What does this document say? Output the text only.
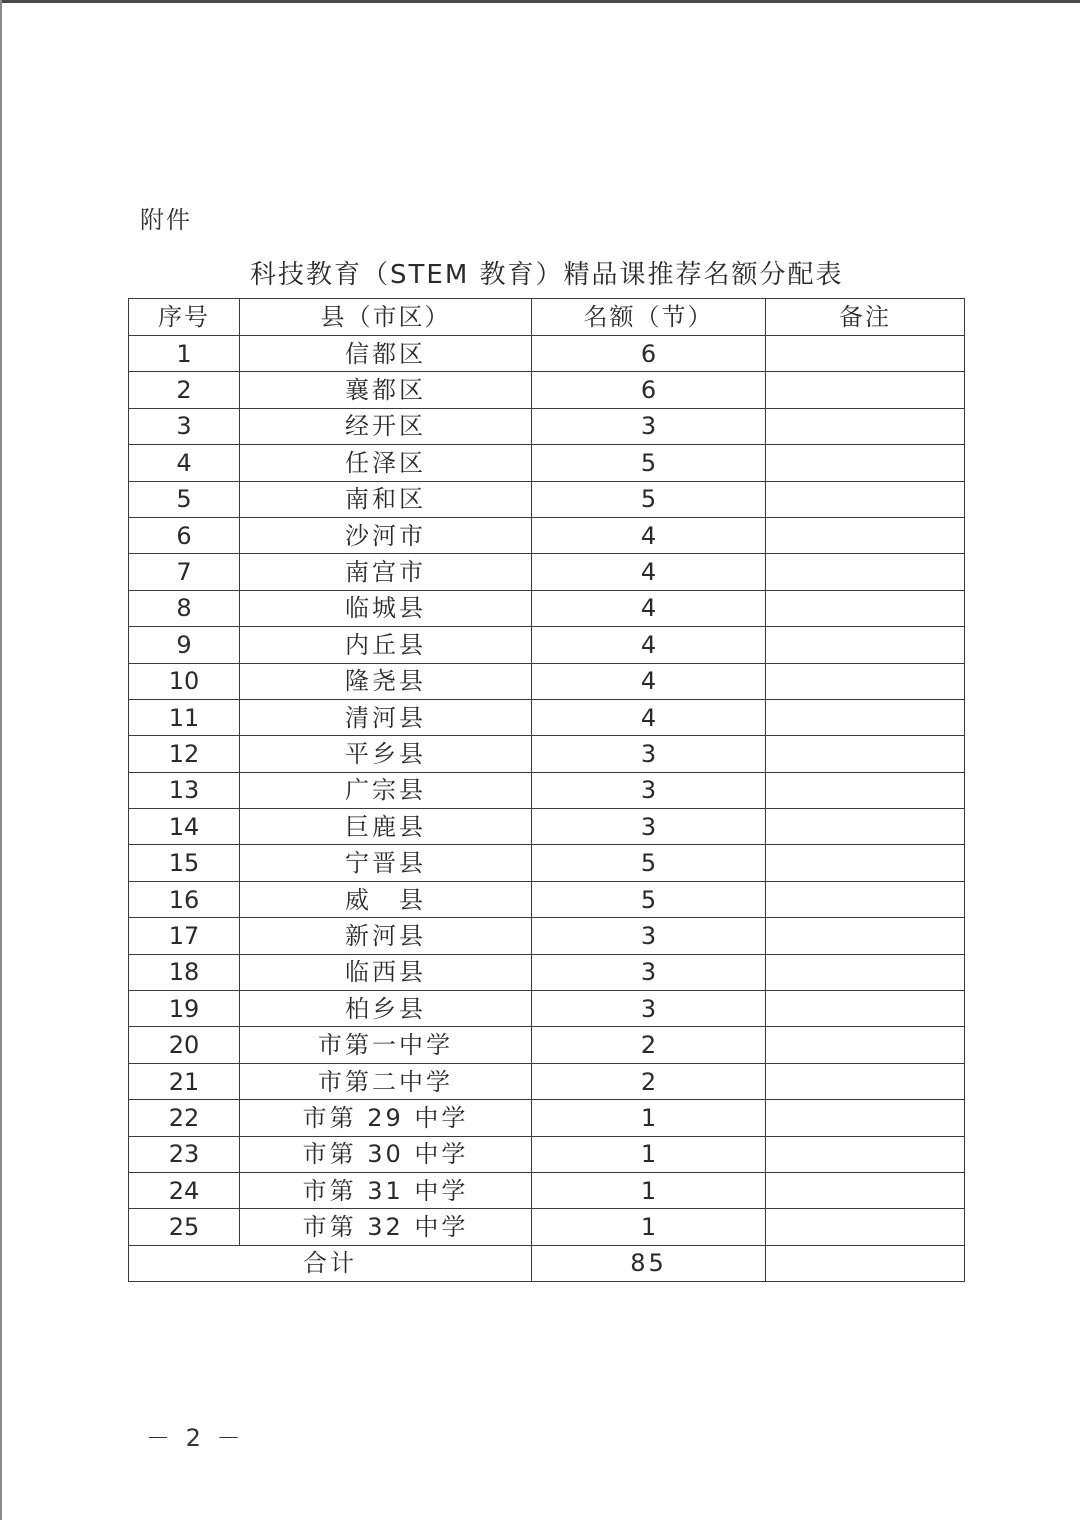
附件
科技教育（STEM 教育）精品课推荐名额分配表
序号	县（市区）	名额（节）	备注
1	信都区	6	
2	襄都区	6	
3	经开区	3	
4	任泽区	5	
5	南和区	5	
6	沙河市	4	
7	南宫市	4	
8	临城县	4	
9	内丘县	4	
10	隆尧县	4	
11	清河县	4	
12	平乡县	3	
13	广宗县	3	
14	巨鹿县	3	
15	宁晋县	5	
16	威　县	5	
17	新河县	3	
18	临西县	3	
19	柏乡县	3	
20	市第一中学	2	
21	市第二中学	2	
22	市第 29 中学	1	
23	市第 30 中学	1	
24	市第 31 中学	1	
25	市第 32 中学	1	
合计		85	
－ 2 －
